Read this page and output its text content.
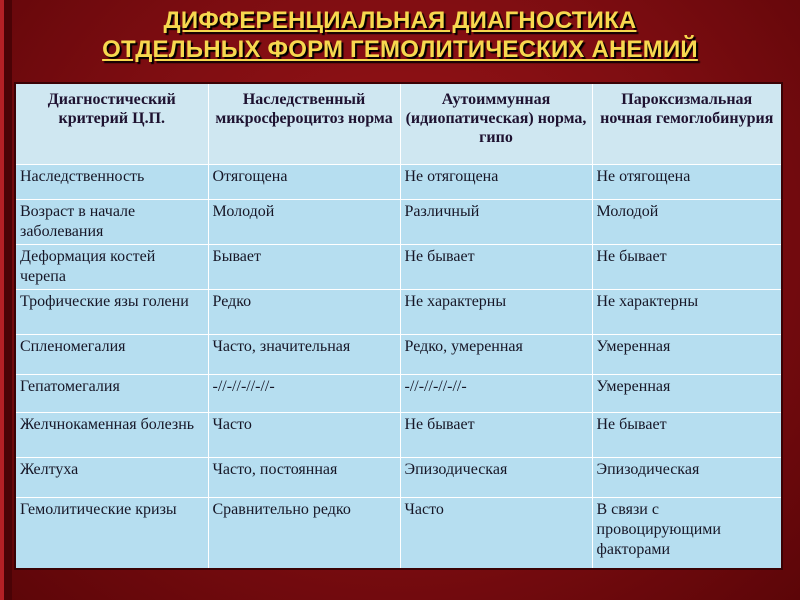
ДИФФЕРЕНЦИАЛЬНАЯ ДИАГНОСТИКА
ОТДЕЛЬНЫХ ФОРМ ГЕМОЛИТИЧЕСКИХ АНЕМИЙ
Диагностический критерий Ц.П.	Наследственный микросфероцитоз норма	Аутоиммунная (идиопатическая) норма, гипо	Пароксизмальная ночная гемоглобинурия
Наследственность	Отягощена	Не отягощена	Не отягощена
Возраст в начале заболевания	Молодой	Различный	Молодой
Деформация костей черепа	Бывает	Не бывает	Не бывает
Трофические язы голени	Редко	Не характерны	Не характерны
Спленомегалия	Часто, значительная	Редко, умеренная	Умеренная
Гепатомегалия	-//-//-//-//-	-//-//-//-//-	Умеренная
Желчнокаменная болезнь	Часто	Не бывает	Не бывает
Желтуха	Часто, постоянная	Эпизодическая	Эпизодическая
Гемолитические кризы	Сравнительно редко	Часто	В связи с провоцирующими факторами
